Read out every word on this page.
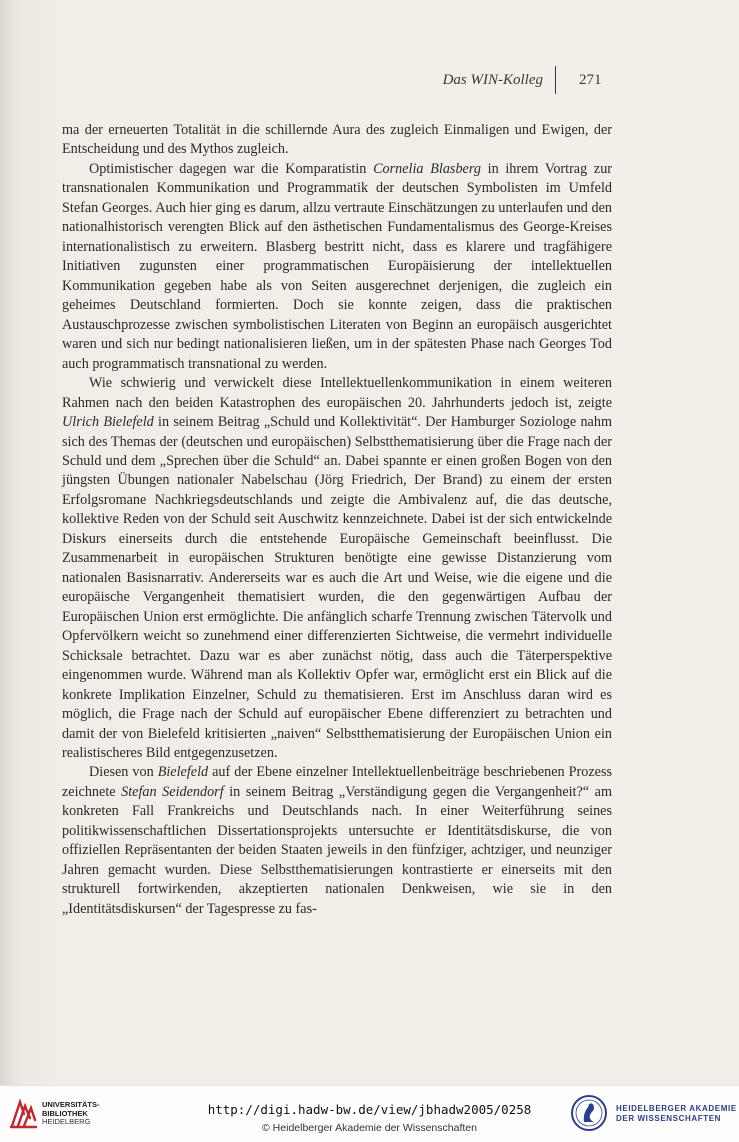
Das WIN-Kolleg 271

ma der erneuerten Totalität in die schillernde Aura des zugleich Einmaligen und Ewigen, der Entscheidung und des Mythos zugleich.

Optimistischer dagegen war die Komparatistin Cornelia Blasberg in ihrem Vortrag zur transnationalen Kommunikation und Programmatik der deutschen Symbolisten im Umfeld Stefan Georges. Auch hier ging es darum, allzu vertraute Einschätzungen zu unterlaufen und den nationalhistorisch verengten Blick auf den ästhetischen Fundamentalismus des George-Kreises internationalistisch zu erweitern. Blasberg bestritt nicht, dass es klarere und tragfähigere Initiativen zugunsten einer programmatischen Europäisierung der intellektuellen Kommunikation gegeben habe als von Seiten ausgerechnet derjenigen, die zugleich ein geheimes Deutschland formierten. Doch sie konnte zeigen, dass die praktischen Austauschprozesse zwischen symbolistischen Literaten von Beginn an europäisch ausgerichtet waren und sich nur bedingt nationalisieren ließen, um in der spätesten Phase nach Georges Tod auch programmatisch transnational zu werden.

Wie schwierig und verwickelt diese Intellektuellenkommunikation in einem weiteren Rahmen nach den beiden Katastrophen des europäischen 20. Jahrhunderts jedoch ist, zeigte Ulrich Bielefeld in seinem Beitrag „Schuld und Kollektivität“. Der Hamburger Soziologe nahm sich des Themas der (deutschen und europäischen) Selbstthematisierung über die Frage nach der Schuld und dem „Sprechen über die Schuld“ an. Dabei spannte er einen großen Bogen von den jüngsten Übungen nationaler Nabelschau (Jörg Friedrich, Der Brand) zu einem der ersten Erfolgsromane Nachkriegsdeutschlands und zeigte die Ambivalenz auf, die das deutsche, kollektive Reden von der Schuld seit Auschwitz kennzeichnete. Dabei ist der sich entwickelnde Diskurs einerseits durch die entstehende Europäische Gemeinschaft beeinflusst. Die Zusammenarbeit in europäischen Strukturen benötigte eine gewisse Distanzierung vom nationalen Basisnarrativ. Andererseits war es auch die Art und Weise, wie die eigene und die europäische Vergangenheit thematisiert wurden, die den gegenwärtigen Aufbau der Europäischen Union erst ermöglichte. Die anfänglich scharfe Trennung zwischen Tätervolk und Opfervölkern weicht so zunehmend einer differenzierten Sichtweise, die vermehrt individuelle Schicksale betrachtet. Dazu war es aber zunächst nötig, dass auch die Täterperspektive eingenommen wurde. Während man als Kollektiv Opfer war, ermöglicht erst ein Blick auf die konkrete Implikation Einzelner, Schuld zu thematisieren. Erst im Anschluss daran wird es möglich, die Frage nach der Schuld auf europäischer Ebene differenziert zu betrachten und damit der von Bielefeld kritisierten „naiven“ Selbstthematisierung der Europäischen Union ein realistischeres Bild entgegenzusetzen.

Diesen von Bielefeld auf der Ebene einzelner Intellektuellenbeiträge beschriebenen Prozess zeichnete Stefan Seidendorf in seinem Beitrag „Verständigung gegen die Vergangenheit?“ am konkreten Fall Frankreichs und Deutschlands nach. In einer Weiterführung seines politikwissenschaftlichen Dissertationsprojekts untersuchte er Identitätsdiskurse, die von offiziellen Repräsentanten der beiden Staaten jeweils in den fünfziger, achtziger, und neunziger Jahren gemacht wurden. Diese Selbstthematisierungen kontrastierte er einerseits mit den strukturell fortwirkenden, akzeptierten nationalen Denkweisen, wie sie in den „Identitätsdiskursen“ der Tagespresse zu fas-

UNIVERSITÄTS-
BIBLIOTHEK
HEIDELBERG
http://digi.hadw-bw.de/view/jbhadw2005/0258
© Heidelberger Akademie der Wissenschaften
HEIDELBERGER AKADEMIE
DER WISSENSCHAFTEN
